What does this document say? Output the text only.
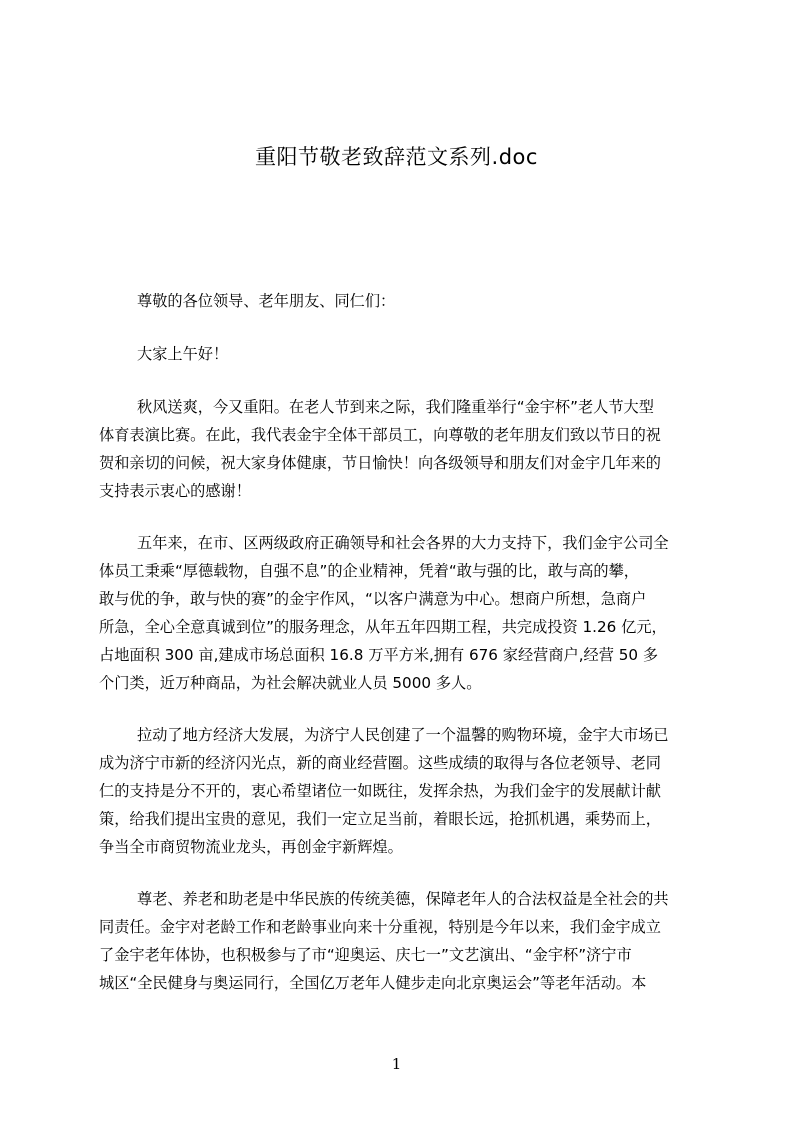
重阳节敬老致辞范文系列.doc
尊敬的各位领导、老年朋友、同仁们：
大家上午好！
秋风送爽，今又重阳。在老人节到来之际，我们隆重举行“金宇杯”老人节大型
体育表演比赛。在此，我代表金宇全体干部员工，向尊敬的老年朋友们致以节日的祝
贺和亲切的问候，祝大家身体健康，节日愉快！向各级领导和朋友们对金宇几年来的
支持表示衷心的感谢！
五年来，在市、区两级政府正确领导和社会各界的大力支持下，我们金宇公司全
体员工秉乘“厚德载物，自强不息”的企业精神，凭着“敢与强的比，敢与高的攀，
敢与优的争，敢与快的赛”的金宇作风，“以客户满意为中心。想商户所想，急商户
所急，全心全意真诚到位”的服务理念，从年五年四期工程，共完成投资 1.26 亿元，
占地面积 300 亩,建成市场总面积 16.8 万平方米,拥有 676 家经营商户,经营 50 多
个门类，近万种商品，为社会解决就业人员 5000 多人。
拉动了地方经济大发展，为济宁人民创建了一个温馨的购物环境，金宇大市场已
成为济宁市新的经济闪光点，新的商业经营圈。这些成绩的取得与各位老领导、老同
仁的支持是分不开的，衷心希望诸位一如既往，发挥余热，为我们金宇的发展献计献
策，给我们提出宝贵的意见，我们一定立足当前，着眼长远，抢抓机遇，乘势而上，
争当全市商贸物流业龙头，再创金宇新辉煌。
尊老、养老和助老是中华民族的传统美德，保障老年人的合法权益是全社会的共
同责任。金宇对老龄工作和老龄事业向来十分重视，特别是今年以来，我们金宇成立
了金宇老年体协，也积极参与了市“迎奥运、庆七一”文艺演出、“金宇杯”济宁市
城区“全民健身与奥运同行，全国亿万老年人健步走向北京奥运会”等老年活动。本
1
